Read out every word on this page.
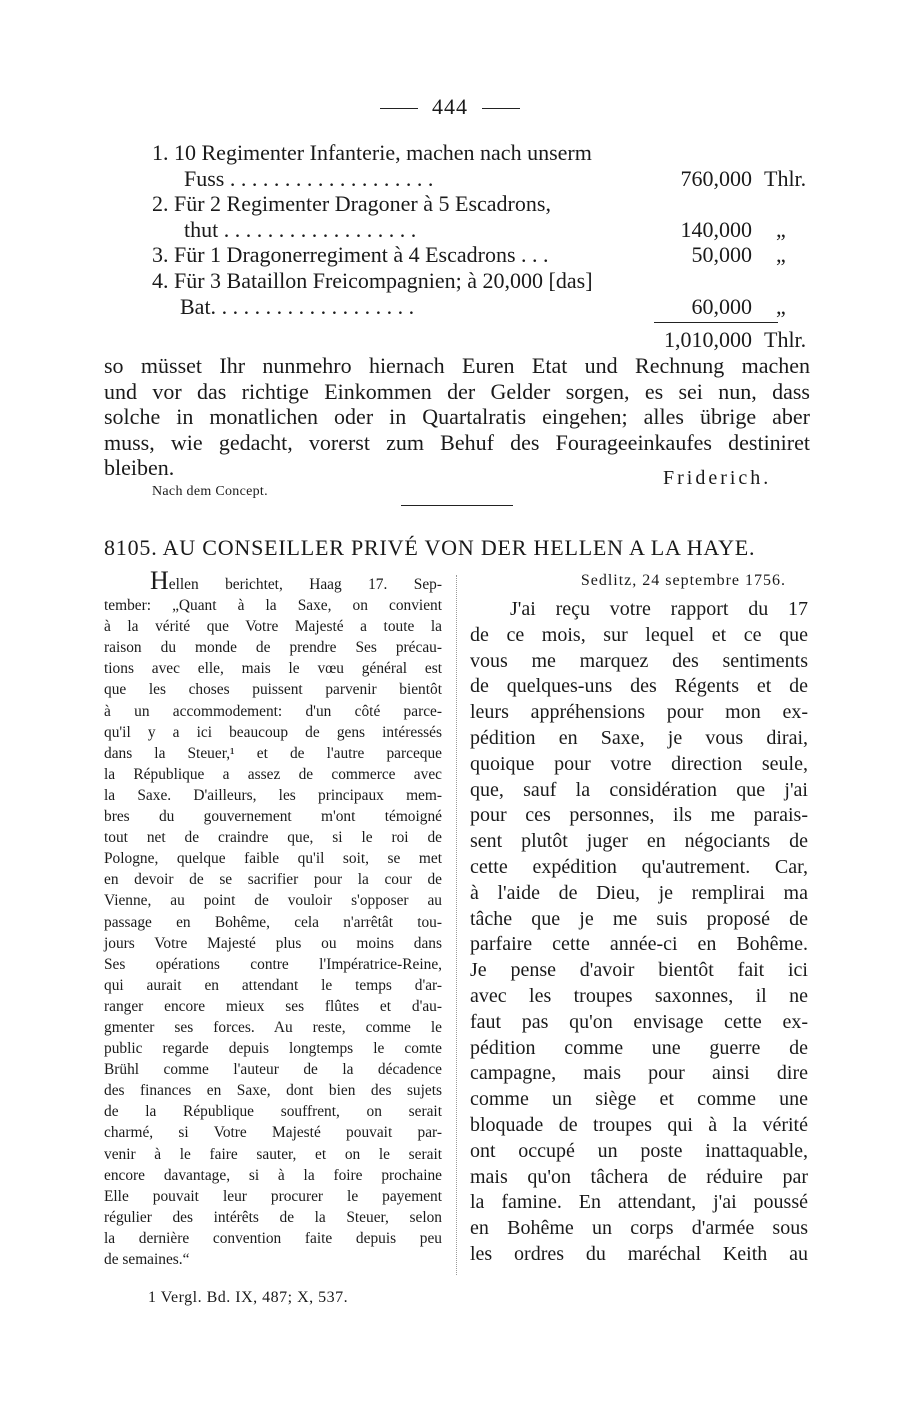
444
1. 10 Regimenter Infanterie, machen nach unserm
Fuss . . . . . . . . . . . . . . . . . . .	760,000 Thlr.
2. Für 2 Regimenter Dragoner à 5 Escadrons,
thut . . . . . . . . . . . . . . . . . .	140,000 „
3. Für 1 Dragonerregiment à 4 Escadrons . . .	50,000 „
4. Für 3 Bataillon Freicompagnien; à 20,000 [das]
Bat. . . . . . . . . . . . . . . . . . .	60,000 „
1,010,000 Thlr.
so müsset Ihr nunmehro hiernach Euren Etat und Rechnung machen
und vor das richtige Einkommen der Gelder sorgen, es sei nun, dass
solche in monatlichen oder in Quartalratis eingehen; alles übrige aber
muss, wie gedacht, vorerst zum Behuf des Fourageeinkaufes destiniret
bleiben.	Friderich.
Nach dem Concept.
8105. AU CONSEILLER PRIVÉ VON DER HELLEN A LA HAYE.
Hellen berichtet, Haag 17. Sep-
tember: „Quant à la Saxe, on convient
à la vérité que Votre Majesté a toute la
raison du monde de prendre Ses précau-
tions avec elle, mais le vœu général est
que les choses puissent parvenir bientôt
à un accommodement: d'un côté parce-
qu'il y a ici beaucoup de gens intéressés
dans la Steuer,¹ et de l'autre parceque
la République a assez de commerce avec
la Saxe. D'ailleurs, les principaux mem-
bres du gouvernement m'ont témoigné
tout net de craindre que, si le roi de
Pologne, quelque faible qu'il soit, se met
en devoir de se sacrifier pour la cour de
Vienne, au point de vouloir s'opposer au
passage en Bohême, cela n'arrêtât tou-
jours Votre Majesté plus ou moins dans
Ses opérations contre l'Impératrice-Reine,
qui aurait en attendant le temps d'ar-
ranger encore mieux ses flûtes et d'au-
gmenter ses forces. Au reste, comme le
public regarde depuis longtemps le comte
Brühl comme l'auteur de la décadence
des finances en Saxe, dont bien des sujets
de la République souffrent, on serait
charmé, si Votre Majesté pouvait par-
venir à le faire sauter, et on le serait
encore davantage, si à la foire prochaine
Elle pouvait leur procurer le payement
régulier des intérêts de la Steuer, selon
la dernière convention faite depuis peu
de semaines.“
Sedlitz, 24 septembre 1756.
J'ai reçu votre rapport du 17
de ce mois, sur lequel et ce que
vous me marquez des sentiments
de quelques-uns des Régents et de
leurs appréhensions pour mon ex-
pédition en Saxe, je vous dirai,
quoique pour votre direction seule,
que, sauf la considération que j'ai
pour ces personnes, ils me parais-
sent plutôt juger en négociants de
cette expédition qu'autrement. Car,
à l'aide de Dieu, je remplirai ma
tâche que je me suis proposé de
parfaire cette année-ci en Bohême.
Je pense d'avoir bientôt fait ici
avec les troupes saxonnes, il ne
faut pas qu'on envisage cette ex-
pédition comme une guerre de
campagne, mais pour ainsi dire
comme un siège et comme une
bloquade de troupes qui à la vérité
ont occupé un poste inattaquable,
mais qu'on tâchera de réduire par
la famine. En attendant, j'ai poussé
en Bohême un corps d'armée sous
les ordres du maréchal Keith au
1 Vergl. Bd. IX, 487; X, 537.
